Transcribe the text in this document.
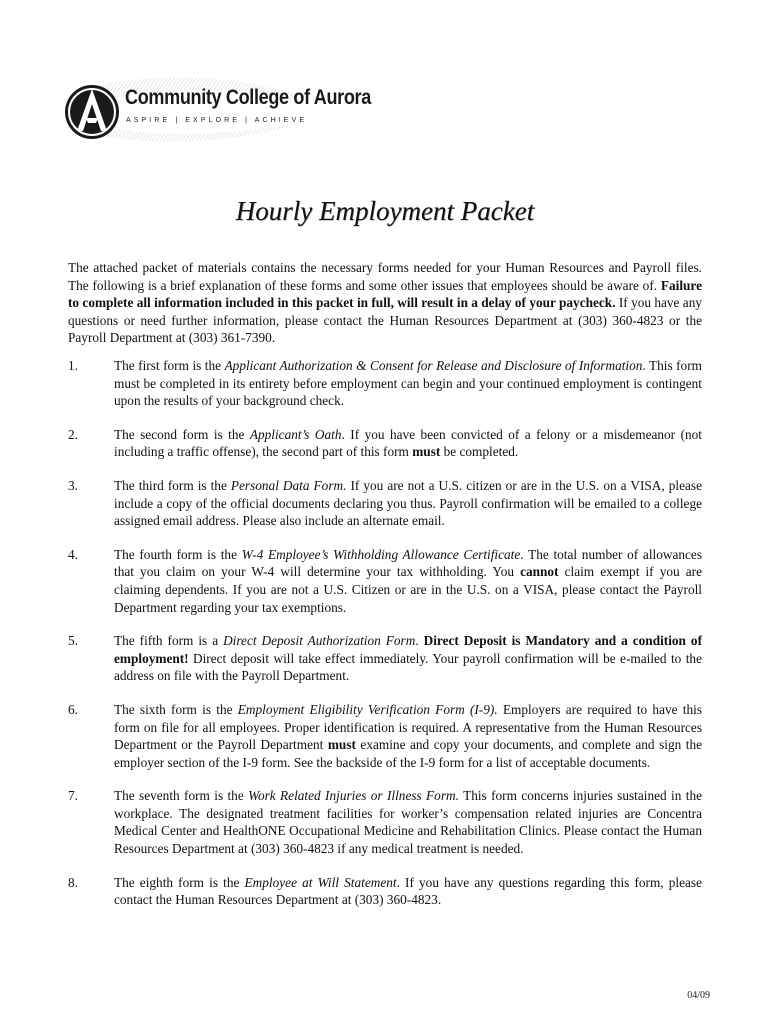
Community College of Aurora
ASPIRE | EXPLORE | ACHIEVE
Hourly Employment Packet

The attached packet of materials contains the necessary forms needed for your Human Resources and Payroll files. The following is a brief explanation of these forms and some other issues that employees should be aware of. Failure to complete all information included in this packet in full, will result in a delay of your paycheck. If you have any questions or need further information, please contact the Human Resources Department at (303) 360-4823 or the Payroll Department at (303) 361-7390.

1.	The first form is the Applicant Authorization & Consent for Release and Disclosure of Information. This form must be completed in its entirety before employment can begin and your continued employment is contingent upon the results of your background check.
2.	The second form is the Applicant’s Oath. If you have been convicted of a felony or a misdemeanor (not including a traffic offense), the second part of this form must be completed.
3.	The third form is the Personal Data Form. If you are not a U.S. citizen or are in the U.S. on a VISA, please include a copy of the official documents declaring you thus. Payroll confirmation will be emailed to a college assigned email address. Please also include an alternate email.
4.	The fourth form is the W-4 Employee’s Withholding Allowance Certificate. The total number of allowances that you claim on your W-4 will determine your tax withholding. You cannot claim exempt if you are claiming dependents. If you are not a U.S. Citizen or are in the U.S. on a VISA, please contact the Payroll Department regarding your tax exemptions.
5.	The fifth form is a Direct Deposit Authorization Form. Direct Deposit is Mandatory and a condition of employment! Direct deposit will take effect immediately. Your payroll confirmation will be e-mailed to the address on file with the Payroll Department.
6.	The sixth form is the Employment Eligibility Verification Form (I-9). Employers are required to have this form on file for all employees. Proper identification is required. A representative from the Human Resources Department or the Payroll Department must examine and copy your documents, and complete and sign the employer section of the I-9 form. See the backside of the I-9 form for a list of acceptable documents.
7.	The seventh form is the Work Related Injuries or Illness Form. This form concerns injuries sustained in the workplace. The designated treatment facilities for worker’s compensation related injuries are Concentra Medical Center and HealthONE Occupational Medicine and Rehabilitation Clinics. Please contact the Human Resources Department at (303) 360-4823 if any medical treatment is needed.
8.	The eighth form is the Employee at Will Statement. If you have any questions regarding this form, please contact the Human Resources Department at (303) 360-4823.
04/09
